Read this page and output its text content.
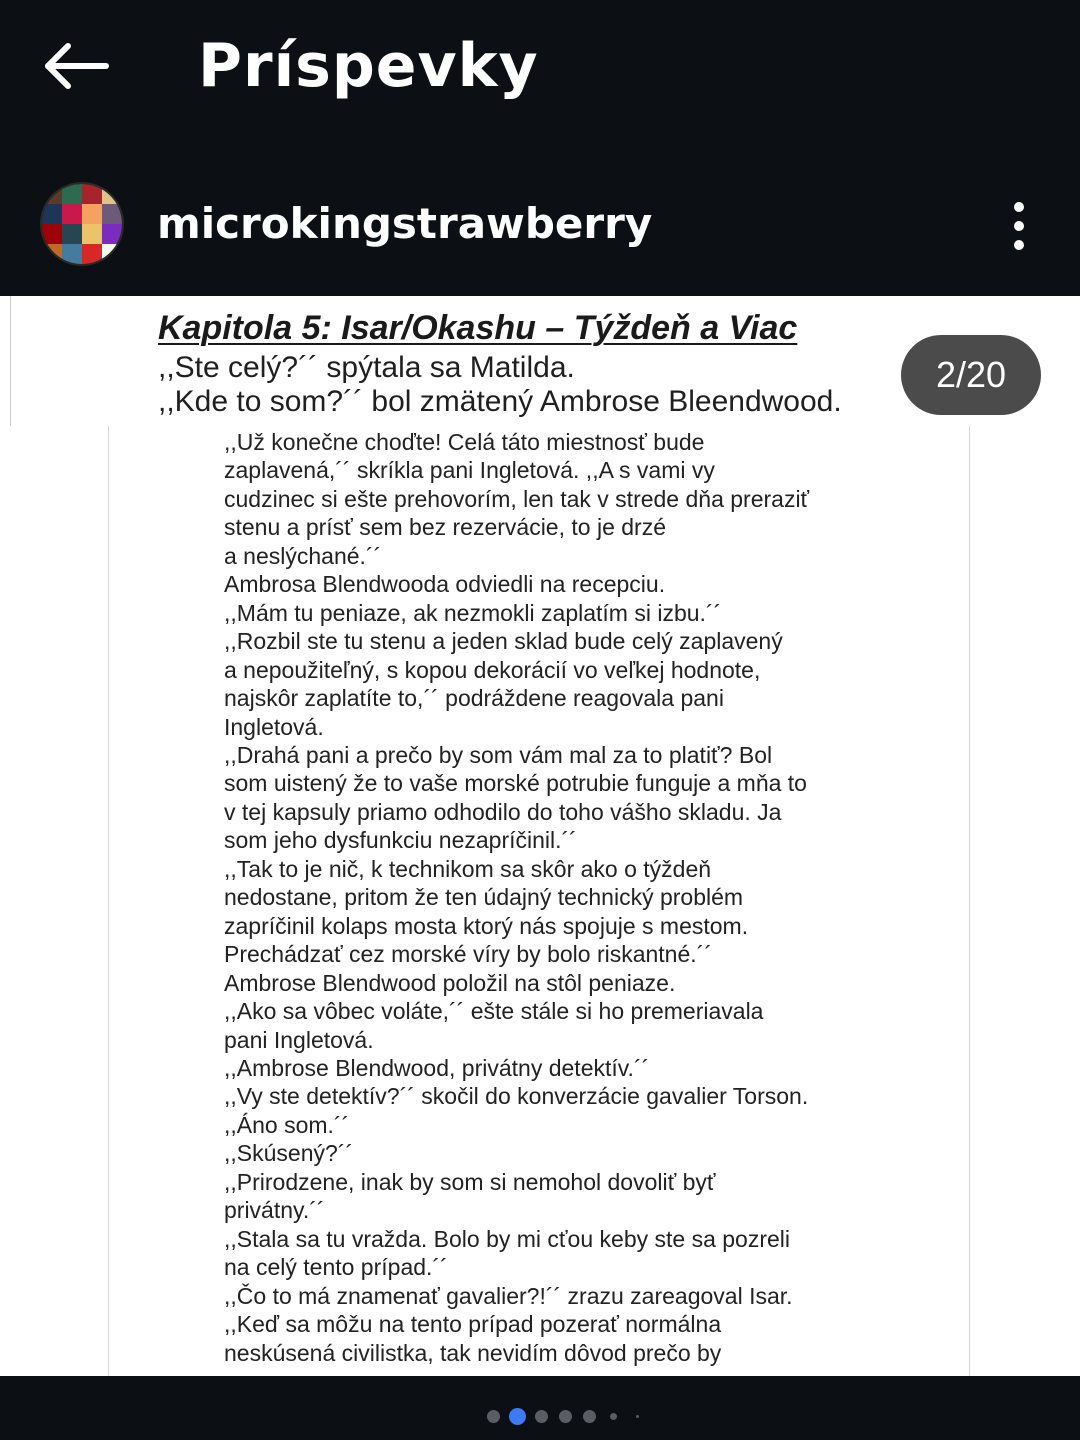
Príspevky
microkingstrawberry
Kapitola 5: Isar/Okashu – Týždeň a Viac
,,Ste celý?´´ spýtala sa Matilda.
,,Kde to som?´´ bol zmätený Ambrose Bleendwood.
,,Už konečne choďte! Celá táto miestnosť bude
zaplavená,´´ skríkla pani Ingletová. ,,A s vami vy
cudzinec si ešte prehovorím, len tak v strede dňa preraziť
stenu a prísť sem bez rezervácie, to je drzé
a neslýchané.´´
Ambrosa Blendwooda odviedli na recepciu.
,,Mám tu peniaze, ak nezmokli zaplatím si izbu.´´
,,Rozbil ste tu stenu a jeden sklad bude celý zaplavený
a nepoužiteľný, s kopou dekorácií vo veľkej hodnote,
najskôr zaplatíte to,´´ podráždene reagovala pani
Ingletová.
,,Drahá pani a prečo by som vám mal za to platiť? Bol
som uistený že to vaše morské potrubie funguje a mňa to
v tej kapsuly priamo odhodilo do toho vášho skladu. Ja
som jeho dysfunkciu nezapríčinil.´´
,,Tak to je nič, k technikom sa skôr ako o týždeň
nedostane, pritom že ten údajný technický problém
zapríčinil kolaps mosta ktorý nás spojuje s mestom.
Prechádzať cez morské víry by bolo riskantné.´´
Ambrose Blendwood položil na stôl peniaze.
,,Ako sa vôbec voláte,´´ ešte stále si ho premeriavala
pani Ingletová.
,,Ambrose Blendwood, privátny detektív.´´
,,Vy ste detektív?´´ skočil do konverzácie gavalier Torson.
,,Áno som.´´
,,Skúsený?´´
,,Prirodzene, inak by som si nemohol dovoliť byť
privátny.´´
,,Stala sa tu vražda. Bolo by mi cťou keby ste sa pozreli
na celý tento prípad.´´
,,Čo to má znamenať gavalier?!´´ zrazu zareagoval Isar.
,,Keď sa môžu na tento prípad pozerať normálna
neskúsená civilistka, tak nevidím dôvod prečo by
2/20
